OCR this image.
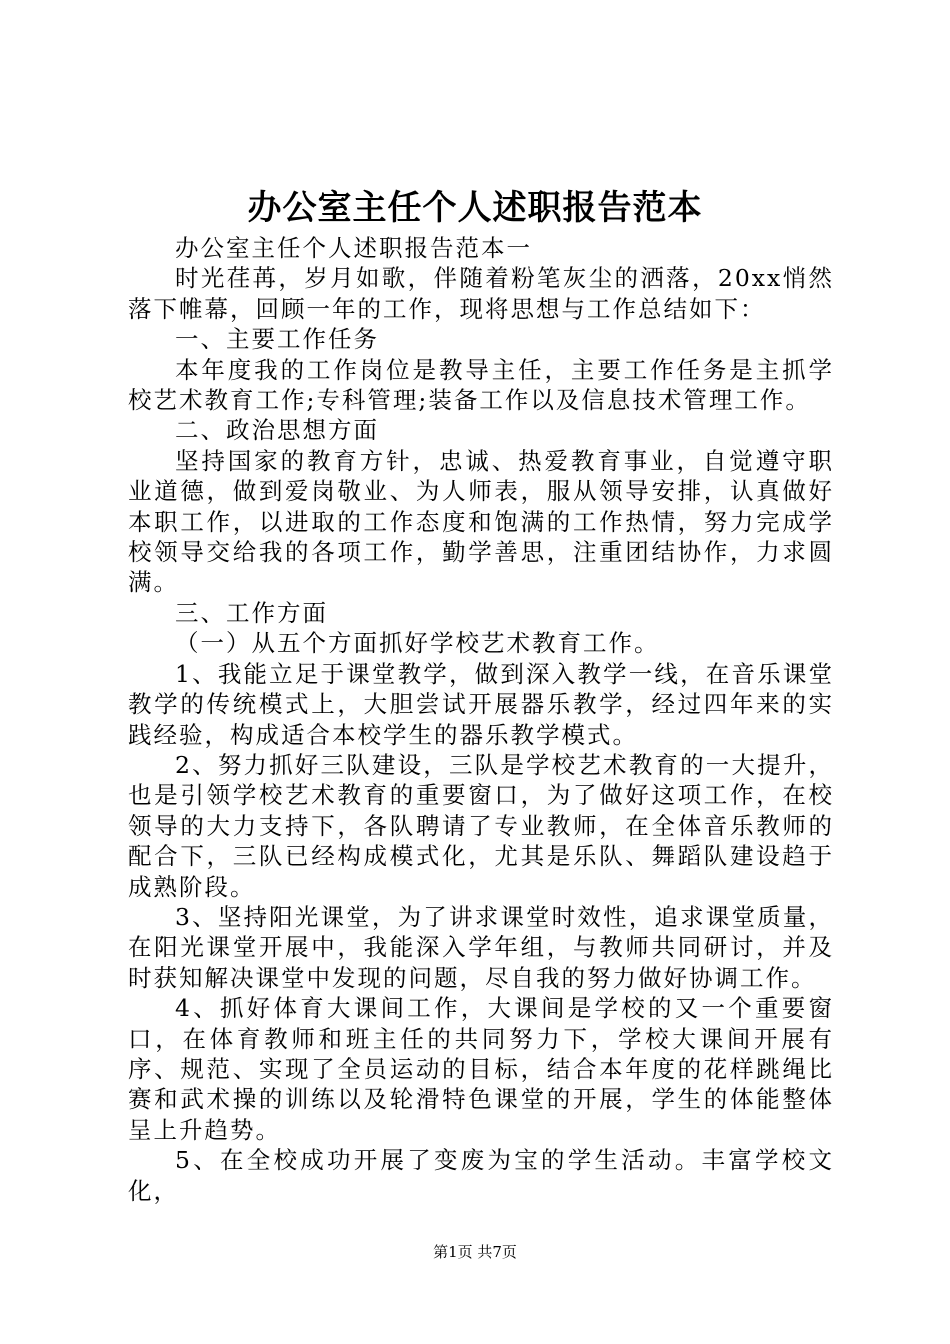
办公室主任个人述职报告范本

办公室主任个人述职报告范本一

时光荏苒，岁月如歌，伴随着粉笔灰尘的洒落，20xx悄然落下帷幕，回顾一年的工作，现将思想与工作总结如下：

一、主要工作任务

本年度我的工作岗位是教导主任，主要工作任务是主抓学校艺术教育工作;专科管理;装备工作以及信息技术管理工作。

二、政治思想方面

坚持国家的教育方针，忠诚、热爱教育事业，自觉遵守职业道德，做到爱岗敬业、为人师表，服从领导安排，认真做好本职工作，以进取的工作态度和饱满的工作热情，努力完成学校领导交给我的各项工作，勤学善思，注重团结协作，力求圆满。

三、工作方面

（一）从五个方面抓好学校艺术教育工作。

1、我能立足于课堂教学，做到深入教学一线，在音乐课堂教学的传统模式上，大胆尝试开展器乐教学，经过四年来的实践经验，构成适合本校学生的器乐教学模式。

2、努力抓好三队建设，三队是学校艺术教育的一大提升，也是引领学校艺术教育的重要窗口，为了做好这项工作，在校领导的大力支持下，各队聘请了专业教师，在全体音乐教师的配合下，三队已经构成模式化，尤其是乐队、舞蹈队建设趋于成熟阶段。

3、坚持阳光课堂，为了讲求课堂时效性，追求课堂质量，在阳光课堂开展中，我能深入学年组，与教师共同研讨，并及时获知解决课堂中发现的问题，尽自我的努力做好协调工作。

4、抓好体育大课间工作，大课间是学校的又一个重要窗口，在体育教师和班主任的共同努力下，学校大课间开展有序、规范、实现了全员运动的目标，结合本年度的花样跳绳比赛和武术操的训练以及轮滑特色课堂的开展，学生的体能整体呈上升趋势。

5、在全校成功开展了变废为宝的学生活动。丰富学校文化，

第1页 共7页
